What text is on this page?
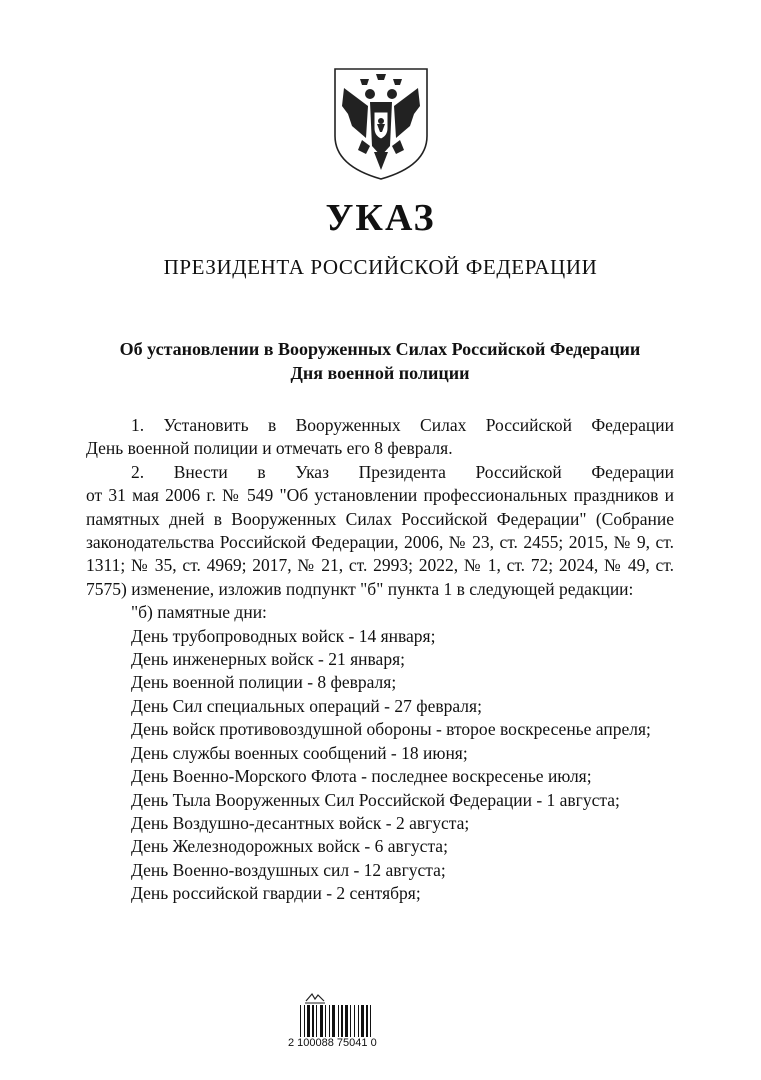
УКАЗ
ПРЕЗИДЕНТА РОССИЙСКОЙ ФЕДЕРАЦИИ
Об установлении в Вооруженных Силах Российской Федерации
Дня военной полиции
1. Установить в Вооруженных Силах Российской Федерации
День военной полиции и отмечать его 8 февраля.
2. Внести в Указ Президента Российской Федерации
от 31 мая 2006 г. № 549 "Об установлении профессиональных праздников и памятных дней в Вооруженных Силах Российской Федерации" (Собрание законодательства Российской Федерации, 2006, № 23, ст. 2455; 2015, № 9, ст. 1311; № 35, ст. 4969; 2017, № 21, ст. 2993; 2022, № 1, ст. 72; 2024, № 49, ст. 7575) изменение, изложив подпункт "б" пункта 1 в следующей редакции:
"б) памятные дни:
День трубопроводных войск - 14 января;
День инженерных войск - 21 января;
День военной полиции - 8 февраля;
День Сил специальных операций - 27 февраля;
День войск противовоздушной обороны - второе воскресенье апреля;
День службы военных сообщений - 18 июня;
День Военно-Морского Флота - последнее воскресенье июля;
День Тыла Вооруженных Сил Российской Федерации - 1 августа;
День Воздушно-десантных войск - 2 августа;
День Железнодорожных войск - 6 августа;
День Военно-воздушных сил - 12 августа;
День российской гвардии - 2 сентября;
2 100088 75041 0
